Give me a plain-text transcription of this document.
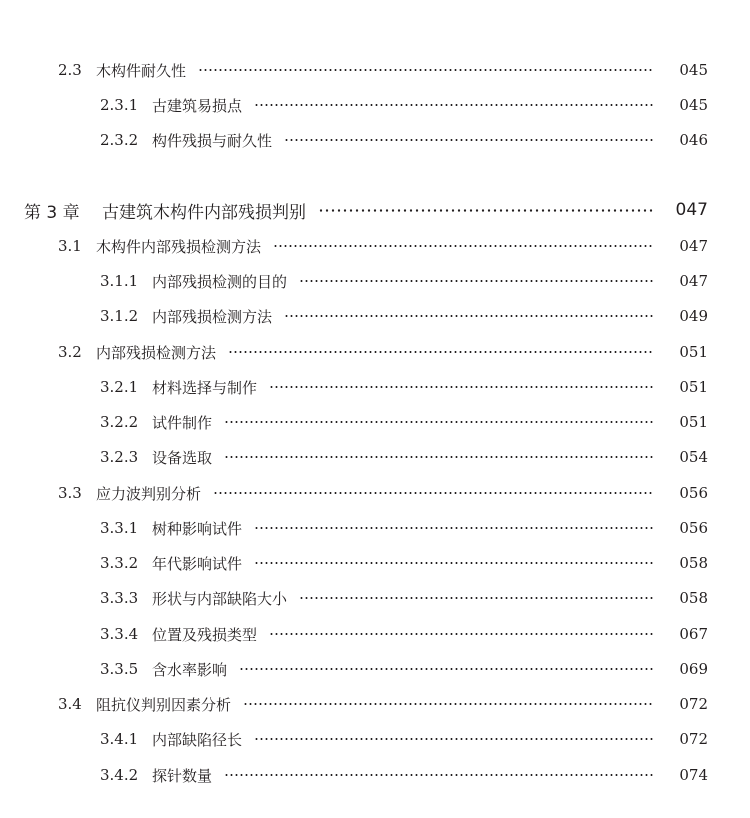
2.3 木构件耐久性	045
2.3.1 古建筑易损点	045
2.3.2 构件残损与耐久性	046
第 3 章	古建筑木构件内部残损判别	047
3.1 木构件内部残损检测方法	047
3.1.1 内部残损检测的目的	047
3.1.2 内部残损检测方法	049
3.2 内部残损检测方法	051
3.2.1 材料选择与制作	051
3.2.2 试件制作	051
3.2.3 设备选取	054
3.3 应力波判别分析	056
3.3.1 树种影响试件	056
3.3.2 年代影响试件	058
3.3.3 形状与内部缺陷大小	058
3.3.4 位置及残损类型	067
3.3.5 含水率影响	069
3.4 阻抗仪判别因素分析	072
3.4.1 内部缺陷径长	072
3.4.2 探针数量	074
